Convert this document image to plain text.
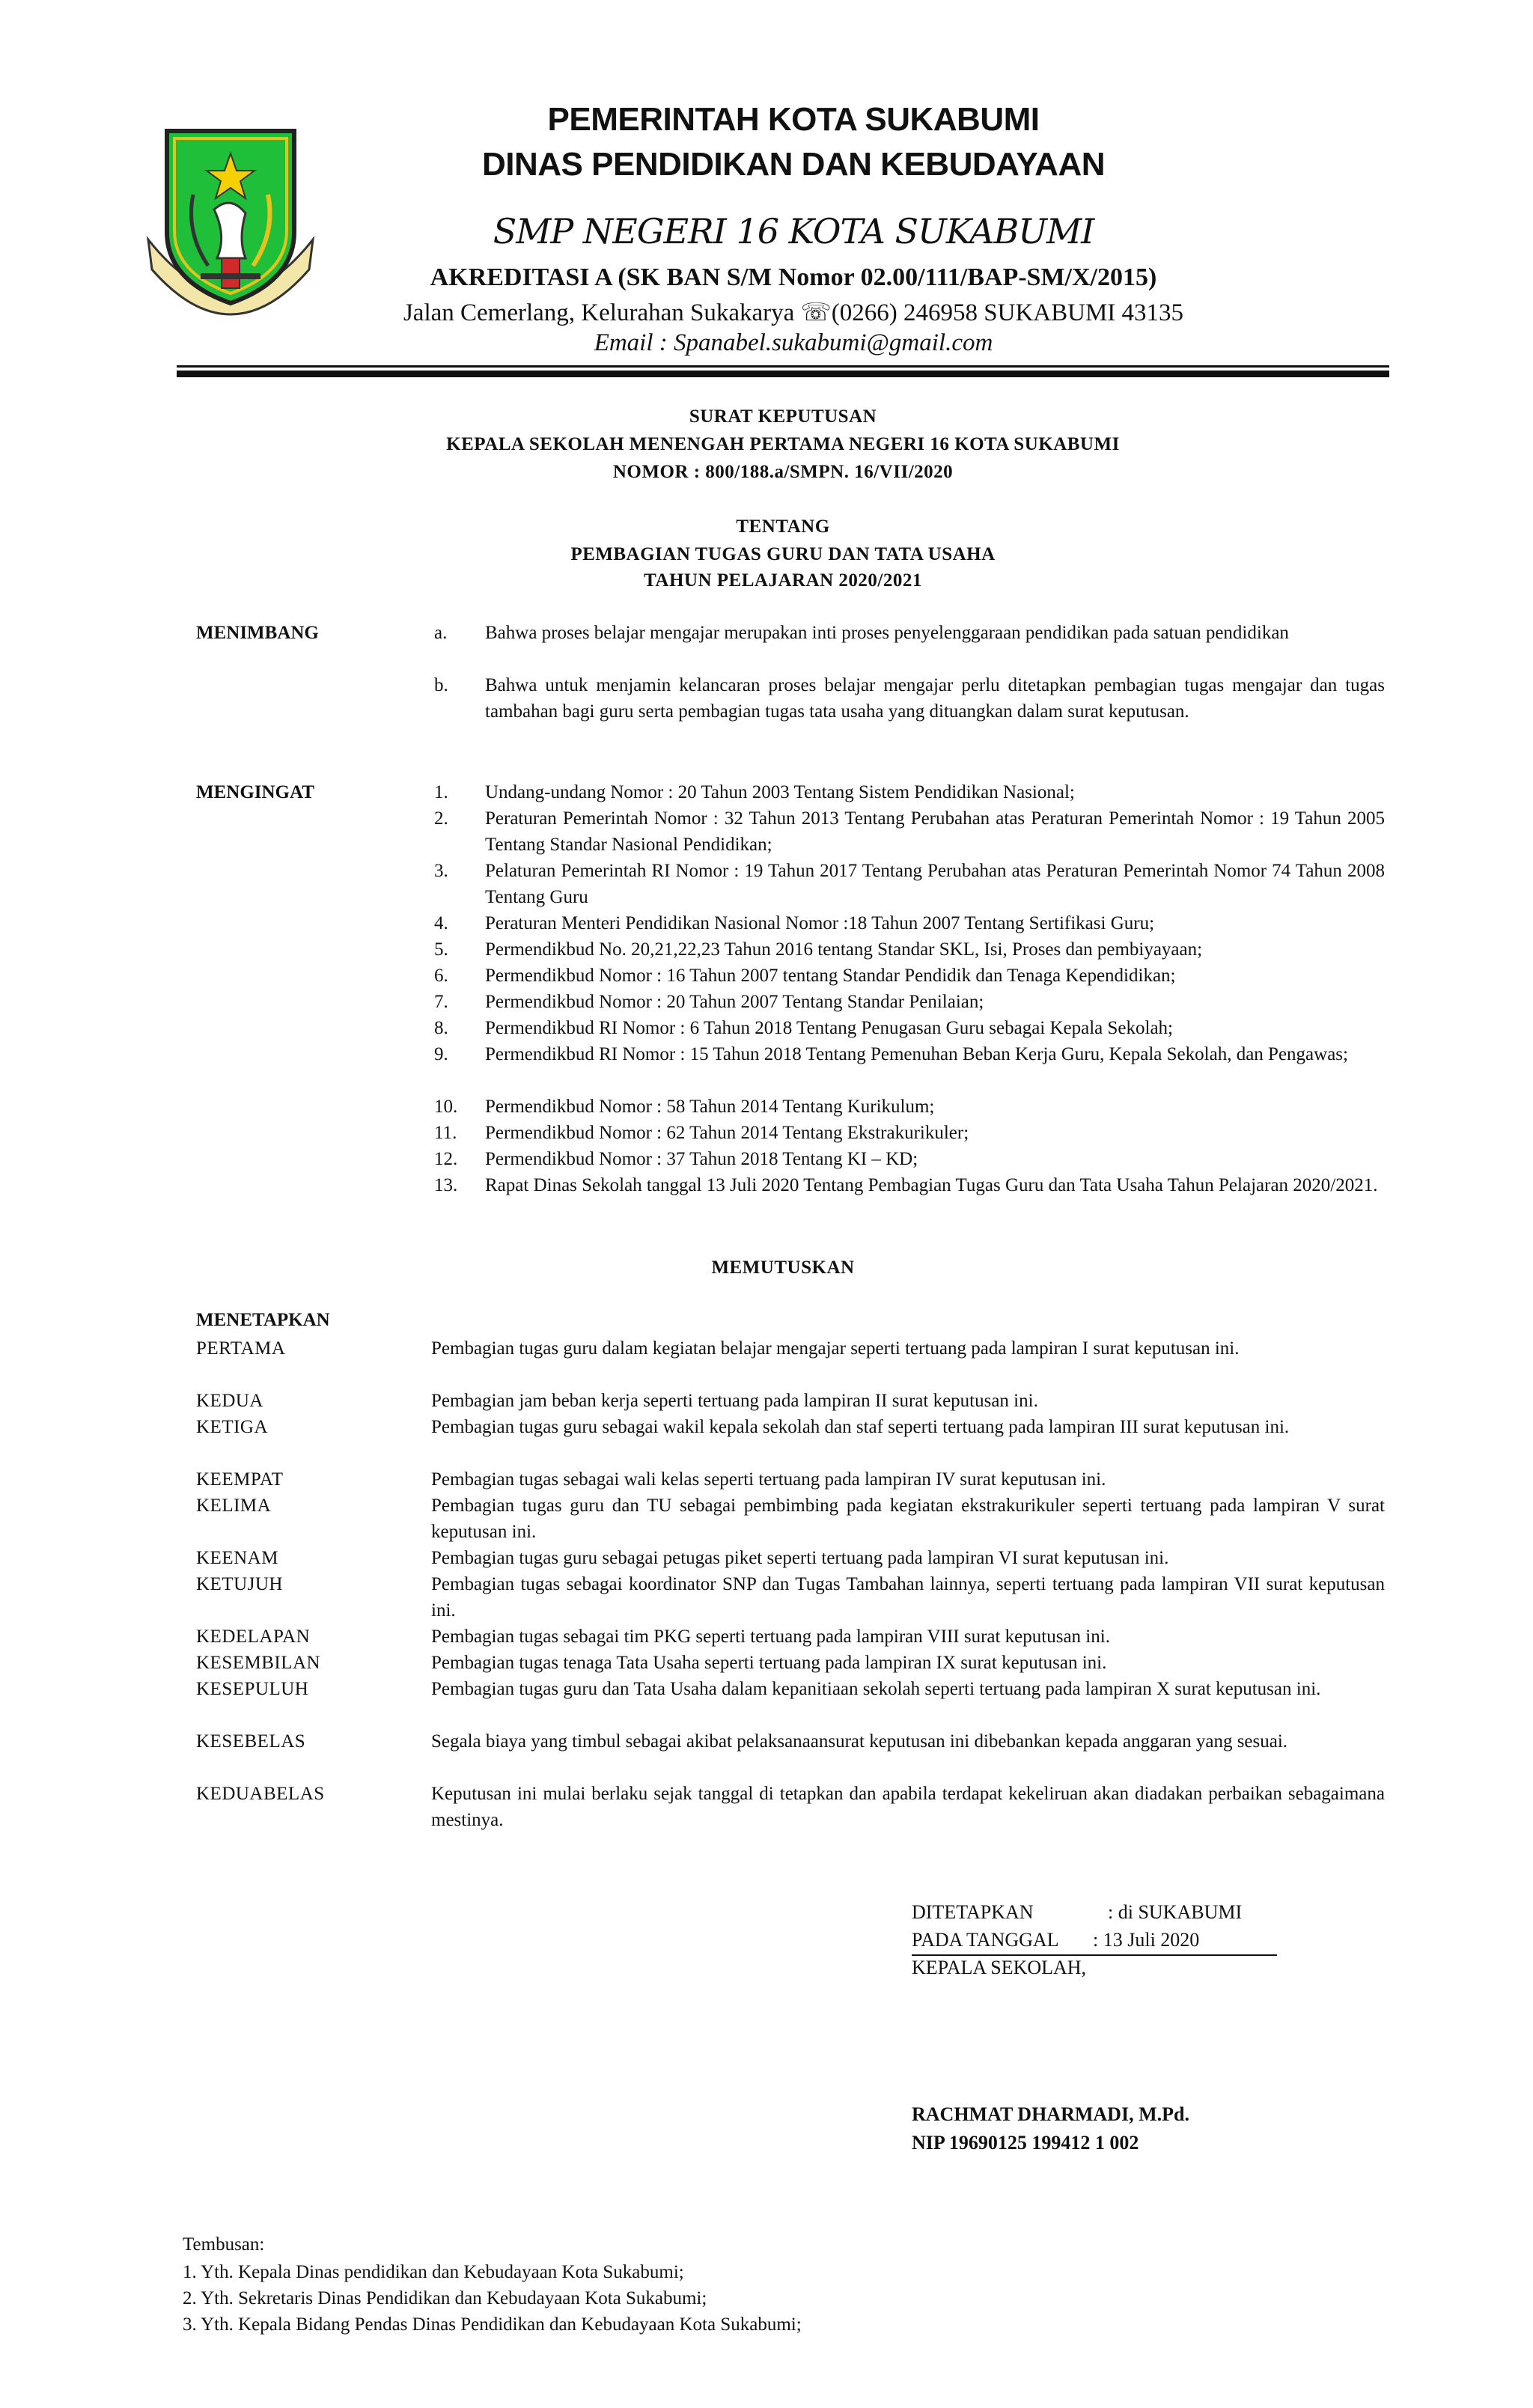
PEMERINTAH KOTA SUKABUMI
DINAS PENDIDIKAN DAN KEBUDAYAAN
SMP NEGERI 16 KOTA SUKABUMI
AKREDITASI A (SK BAN S/M Nomor 02.00/111/BAP-SM/X/2015)
Jalan Cemerlang, Kelurahan Sukakarya ☏(0266) 246958 SUKABUMI 43135
Email : Spanabel.sukabumi@gmail.com
SURAT KEPUTUSAN
KEPALA SEKOLAH MENENGAH PERTAMA NEGERI 16 KOTA SUKABUMI
NOMOR : 800/188.a/SMPN. 16/VII/2020
TENTANG
PEMBAGIAN TUGAS GURU DAN TATA USAHA
TAHUN PELAJARAN 2020/2021
MENIMBANG	a.	Bahwa proses belajar mengajar merupakan inti proses penyelenggaraan pendidikan pada satuan pendidikan
b.	Bahwa untuk menjamin kelancaran proses belajar mengajar perlu ditetapkan pembagian tugas mengajar dan tugas tambahan bagi guru serta pembagian tugas tata usaha yang dituangkan dalam surat keputusan.
MENGINGAT	1.	Undang-undang Nomor : 20 Tahun 2003 Tentang Sistem Pendidikan Nasional;
2.	Peraturan Pemerintah Nomor : 32 Tahun 2013 Tentang Perubahan atas Peraturan Pemerintah Nomor : 19 Tahun 2005 Tentang Standar Nasional Pendidikan;
3.	Pelaturan Pemerintah RI Nomor : 19 Tahun 2017 Tentang Perubahan atas Peraturan Pemerintah Nomor 74 Tahun 2008 Tentang Guru
4.	Peraturan Menteri Pendidikan Nasional Nomor :18 Tahun 2007 Tentang Sertifikasi Guru;
5.	Permendikbud No. 20,21,22,23 Tahun 2016 tentang Standar SKL, Isi, Proses dan pembiyayaan;
6.	Permendikbud Nomor : 16 Tahun 2007 tentang Standar Pendidik dan Tenaga Kependidikan;
7.	Permendikbud Nomor : 20 Tahun 2007 Tentang Standar Penilaian;
8.	Permendikbud RI Nomor : 6 Tahun 2018 Tentang Penugasan Guru sebagai Kepala Sekolah;
9.	Permendikbud RI Nomor : 15 Tahun 2018 Tentang Pemenuhan Beban Kerja Guru, Kepala Sekolah, dan Pengawas;
10.	Permendikbud Nomor : 58 Tahun 2014 Tentang Kurikulum;
11.	Permendikbud Nomor : 62 Tahun 2014 Tentang Ekstrakurikuler;
12.	Permendikbud Nomor : 37 Tahun 2018 Tentang KI – KD;
13.	Rapat Dinas Sekolah tanggal 13 Juli 2020 Tentang Pembagian Tugas Guru dan Tata Usaha Tahun Pelajaran 2020/2021.
MEMUTUSKAN
MENETAPKAN
PERTAMA	Pembagian tugas guru dalam kegiatan belajar mengajar seperti tertuang pada lampiran I surat keputusan ini.
KEDUA	Pembagian jam beban kerja seperti tertuang pada lampiran II surat keputusan ini.
KETIGA	Pembagian tugas guru sebagai wakil kepala sekolah dan staf seperti tertuang pada lampiran III surat keputusan ini.
KEEMPAT	Pembagian tugas sebagai wali kelas seperti tertuang pada lampiran IV surat keputusan ini.
KELIMA	Pembagian tugas guru dan TU sebagai pembimbing pada kegiatan ekstrakurikuler seperti tertuang pada lampiran V surat keputusan ini.
KEENAM	Pembagian tugas guru sebagai petugas piket seperti tertuang pada lampiran VI surat keputusan ini.
KETUJUH	Pembagian tugas sebagai koordinator SNP dan Tugas Tambahan lainnya, seperti tertuang pada lampiran VII surat keputusan ini.
KEDELAPAN	Pembagian tugas sebagai tim PKG seperti tertuang pada lampiran VIII surat keputusan ini.
KESEMBILAN	Pembagian tugas tenaga Tata Usaha seperti tertuang pada lampiran IX surat keputusan ini.
KESEPULUH	Pembagian tugas guru dan Tata Usaha dalam kepanitiaan sekolah seperti tertuang pada lampiran X surat keputusan ini.
KESEBELAS	Segala biaya yang timbul sebagai akibat pelaksanaansurat keputusan ini dibebankan kepada anggaran yang sesuai.
KEDUABELAS	Keputusan ini mulai berlaku sejak tanggal di tetapkan dan apabila terdapat kekeliruan akan diadakan perbaikan sebagaimana mestinya.
DITETAPKAN	: di SUKABUMI
PADA TANGGAL : 13 Juli 2020
KEPALA SEKOLAH,
RACHMAT DHARMADI, M.Pd.
NIP 19690125 199412 1 002
Tembusan:
1. Yth. Kepala Dinas pendidikan dan Kebudayaan Kota Sukabumi;
2. Yth. Sekretaris Dinas Pendidikan dan Kebudayaan Kota Sukabumi;
3. Yth. Kepala Bidang Pendas Dinas Pendidikan dan Kebudayaan Kota Sukabumi;
